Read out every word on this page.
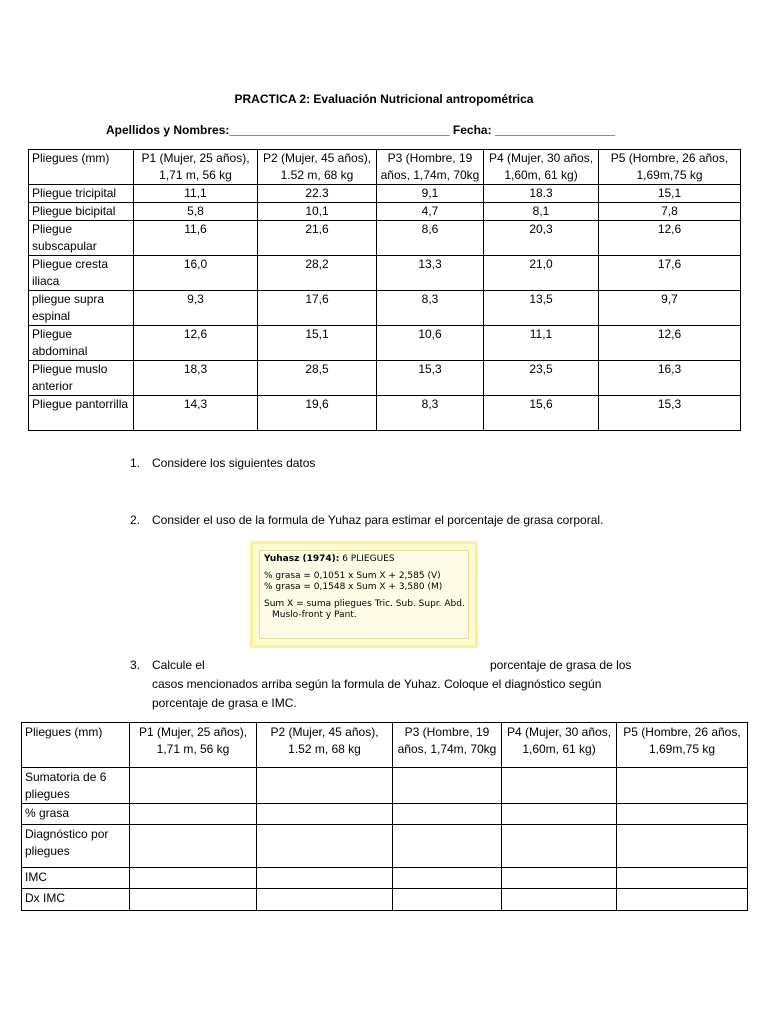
PRACTICA 2: Evaluación Nutricional antropométrica
Apellidos y Nombres:_________________________________ Fecha: __________________
Pliegues (mm)	P1 (Mujer, 25 años), 1,71 m, 56 kg	P2 (Mujer, 45 años), 1.52 m, 68 kg	P3 (Hombre, 19 años, 1,74m, 70kg	P4 (Mujer, 30 años, 1,60m, 61 kg)	P5 (Hombre, 26 años, 1,69m,75 kg
Pliegue tricipital	11,1	22.3	9,1	18.3	15,1
Pliegue bicipital	5,8	10,1	4,7	8,1	7,8
Pliegue subscapular	11,6	21,6	8,6	20,3	12,6
Pliegue cresta iliaca	16,0	28,2	13,3	21,0	17,6
pliegue supra espinal	9,3	17,6	8,3	13,5	9,7
Pliegue abdominal	12,6	15,1	10,6	11,1	12,6
Pliegue muslo anterior	18,3	28,5	15,3	23,5	16,3
Pliegue pantorrilla	14,3	19,6	8,3	15,6	15,3
1. Considere los siguientes datos
2. Consider el uso de la formula de Yuhaz para estimar el porcentaje de grasa corporal.
Yuhasz (1974): 6 PLIEGUES
% grasa = 0,1051 x Sum X + 2,585 (V)
% grasa = 0,1548 x Sum X + 3,580 (M)
Sum X = suma pliegues Tric. Sub. Supr. Abd.
Muslo-front y Pant.
3. Calcule el	porcentaje de grasa de los
casos mencionados arriba según la formula de Yuhaz. Coloque el diagnóstico según
porcentaje de grasa e IMC.
Pliegues (mm)	P1 (Mujer, 25 años), 1,71 m, 56 kg	P2 (Mujer, 45 años), 1.52 m, 68 kg	P3 (Hombre, 19 años, 1,74m, 70kg	P4 (Mujer, 30 años, 1,60m, 61 kg)	P5 (Hombre, 26 años, 1,69m,75 kg
Sumatoria de 6 pliegues					
% grasa					
Diagnóstico por pliegues					
IMC					
Dx IMC					
